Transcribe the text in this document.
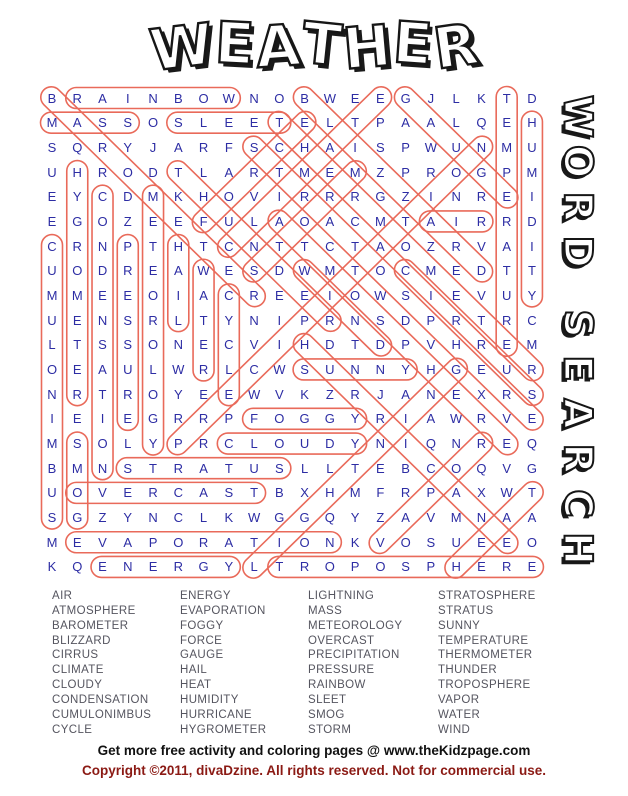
W
E
A
T
H
E
R
B	R	A	I	N	B	O	W	N	O	B	W	E	E	G	J	L	K	T	D
M	A	S	S	O	S	L	E	E	T	E	L	T	P	A	A	L	Q	E	H
S	Q	R	Y	J	A	R	F	S	C	H	A	I	S	P	W	U	N	M	U
U	H	R	O	D	T	L	A	R	T	M	E	M	Z	P	R	O	G	P	M
E	Y	C	D	M	K	H	O	V	I	R	R	R	G	Z	I	N	R	E	I
E	G	O	Z	E	E	F	U	L	A	O	A	C	M	T	A	I	R	R	D
C	R	N	P	T	H	T	C	N	T	T	C	T	A	O	Z	R	V	A	I
U	O	D	R	E	A	W	E	S	D	W	M	T	O	C	M	E	D	T	T
M	M	E	E	O	I	A	C	R	E	E	I	O	W	S	I	E	V	U	Y
U	E	N	S	R	L	T	Y	N	I	P	R	N	S	D	P	R	T	R	C
L	T	S	S	O	N	E	C	V	I	H	D	T	D	P	V	H	R	E	M
O	E	A	U	L	W	R	L	C	W	S	U	N	N	Y	H	G	E	U	R
N	R	T	R	O	Y	E	E	W	V	K	Z	R	J	A	N	E	X	R	S
I	E	I	E	G	R	R	P	F	O	G	G	Y	R	I	A	W	R	V	E
M	S	O	L	Y	P	R	C	L	O	U	D	Y	N	I	Q	N	R	E	Q
B	M	N	S	T	R	A	T	U	S	L	L	T	E	B	C	O	Q	V	G
U	O	V	E	R	C	A	S	T	B	X	H	M	F	R	P	A	X	W	T
S	G	Z	Y	N	C	L	K	W	G	G	Q	Y	Z	A	V	M	N	A	A
M	E	V	A	P	O	R	A	T	I	O	N	K	V	O	S	U	E	E	O
K	Q	E	N	E	R	G	Y	L	T	R	O	P	O	S	P	H	E	R	E
W
O
R
D
S
E
A
R
C
H
AIR
ATMOSPHERE
BAROMETER
BLIZZARD
CIRRUS
CLIMATE
CLOUDY
CONDENSATION
CUMULONIMBUS
CYCLE
ENERGY
EVAPORATION
FOGGY
FORCE
GAUGE
HAIL
HEAT
HUMIDITY
HURRICANE
HYGROMETER
LIGHTNING
MASS
METEOROLOGY
OVERCAST
PRECIPITATION
PRESSURE
RAINBOW
SLEET
SMOG
STORM
STRATOSPHERE
STRATUS
SUNNY
TEMPERATURE
THERMOMETER
THUNDER
TROPOSPHERE
VAPOR
WATER
WIND
Get more free activity and coloring pages @ www.theKidzpage.com
Copyright ©2011, divaDzine. All rights reserved. Not for commercial use.
